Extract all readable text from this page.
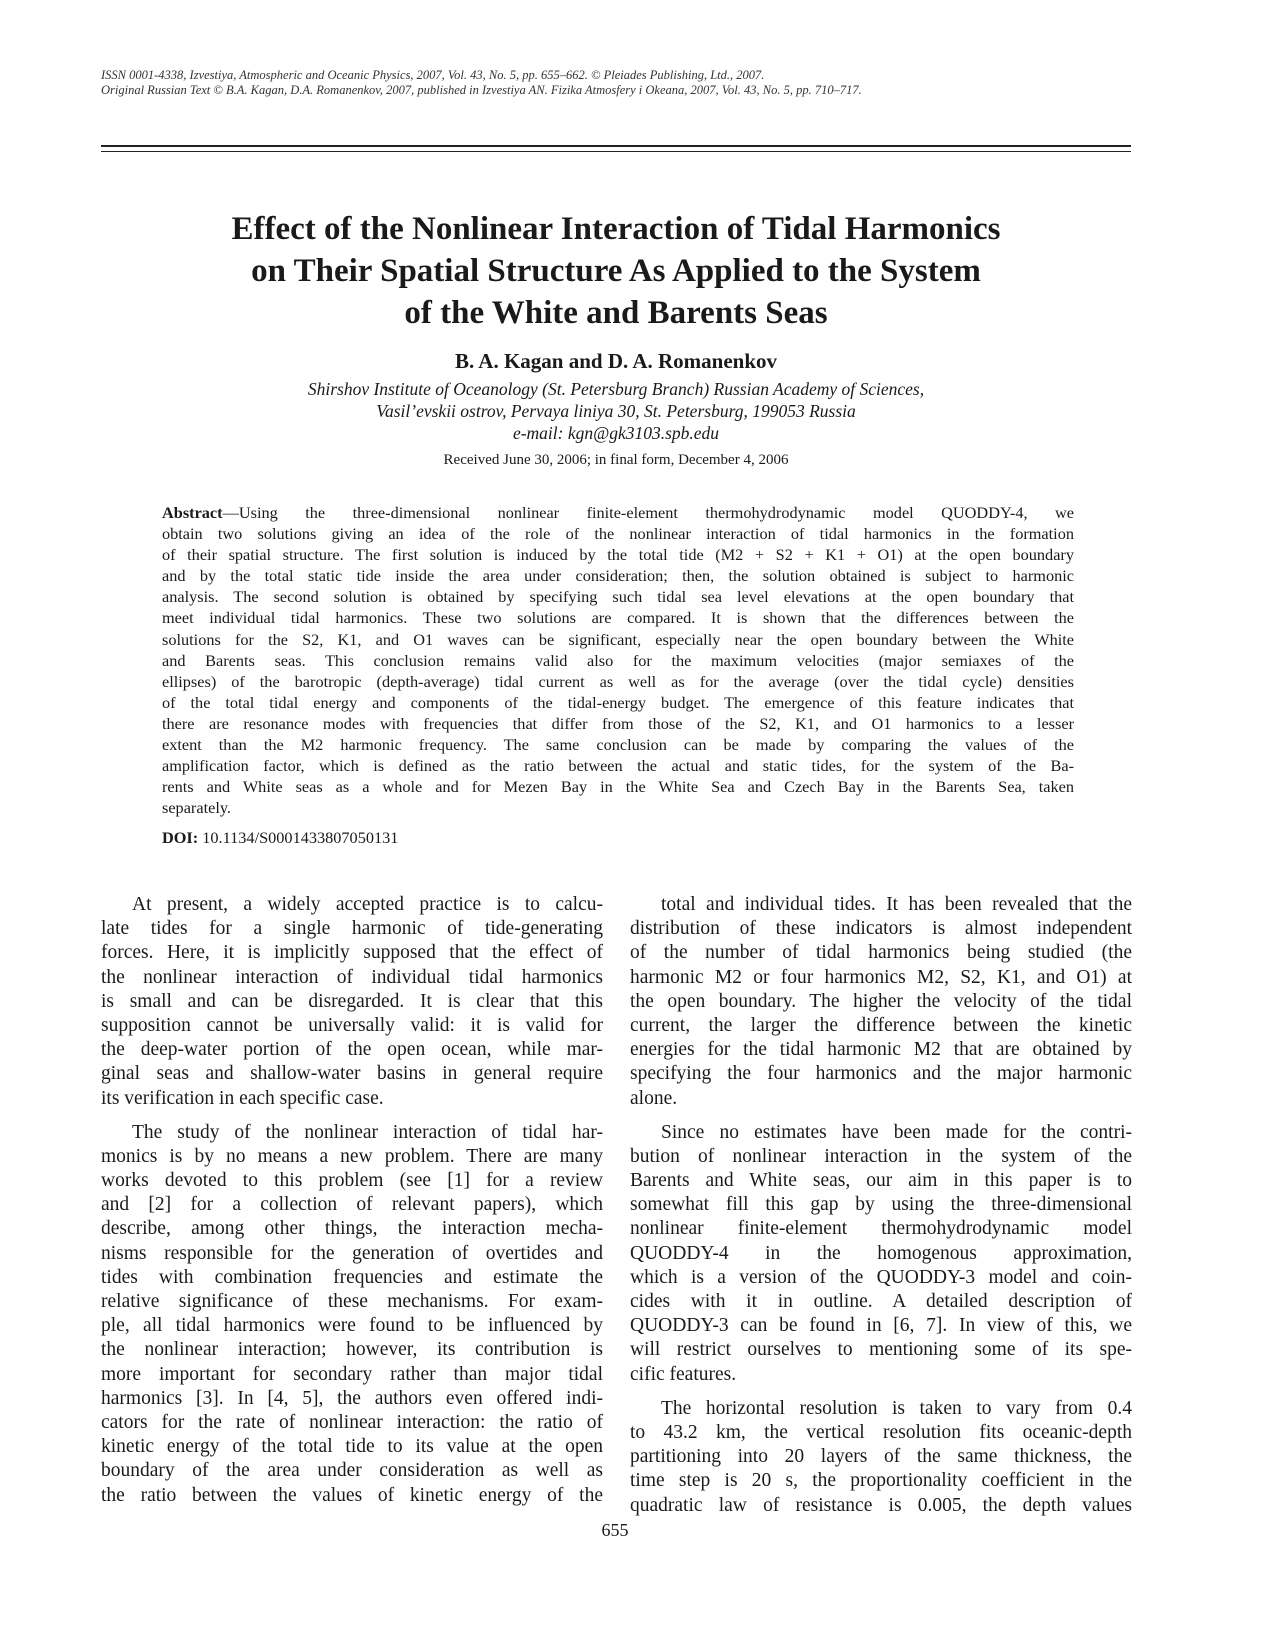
ISSN 0001-4338, Izvestiya, Atmospheric and Oceanic Physics, 2007, Vol. 43, No. 5, pp. 655–662. © Pleiades Publishing, Ltd., 2007.
Original Russian Text © B.A. Kagan, D.A. Romanenkov, 2007, published in Izvestiya AN. Fizika Atmosfery i Okeana, 2007, Vol. 43, No. 5, pp. 710–717.
Effect of the Nonlinear Interaction of Tidal Harmonics
on Their Spatial Structure As Applied to the System
of the White and Barents Seas
B. A. Kagan and D. A. Romanenkov
Shirshov Institute of Oceanology (St. Petersburg Branch) Russian Academy of Sciences,
Vasil’evskii ostrov, Pervaya liniya 30, St. Petersburg, 199053 Russia
e-mail: kgn@gk3103.spb.edu
Received June 30, 2006; in final form, December 4, 2006
Abstract—Using the three-dimensional nonlinear finite-element thermohydrodynamic model QUODDY-4, we
obtain two solutions giving an idea of the role of the nonlinear interaction of tidal harmonics in the formation
of their spatial structure. The first solution is induced by the total tide (M2 + S2 + K1 + O1) at the open boundary
and by the total static tide inside the area under consideration; then, the solution obtained is subject to harmonic
analysis. The second solution is obtained by specifying such tidal sea level elevations at the open boundary that
meet individual tidal harmonics. These two solutions are compared. It is shown that the differences between the
solutions for the S2, K1, and O1 waves can be significant, especially near the open boundary between the White
and Barents seas. This conclusion remains valid also for the maximum velocities (major semiaxes of the
ellipses) of the barotropic (depth-average) tidal current as well as for the average (over the tidal cycle) densities
of the total tidal energy and components of the tidal-energy budget. The emergence of this feature indicates that
there are resonance modes with frequencies that differ from those of the S2, K1, and O1 harmonics to a lesser
extent than the M2 harmonic frequency. The same conclusion can be made by comparing the values of the
amplification factor, which is defined as the ratio between the actual and static tides, for the system of the Ba-
rents and White seas as a whole and for Mezen Bay in the White Sea and Czech Bay in the Barents Sea, taken
separately.
DOI: 10.1134/S0001433807050131
At present, a widely accepted practice is to calcu-
late tides for a single harmonic of tide-generating
forces. Here, it is implicitly supposed that the effect of
the nonlinear interaction of individual tidal harmonics
is small and can be disregarded. It is clear that this
supposition cannot be universally valid: it is valid for
the deep-water portion of the open ocean, while mar-
ginal seas and shallow-water basins in general require
its verification in each specific case.
The study of the nonlinear interaction of tidal har-
monics is by no means a new problem. There are many
works devoted to this problem (see [1] for a review
and [2] for a collection of relevant papers), which
describe, among other things, the interaction mecha-
nisms responsible for the generation of overtides and
tides with combination frequencies and estimate the
relative significance of these mechanisms. For exam-
ple, all tidal harmonics were found to be influenced by
the nonlinear interaction; however, its contribution is
more important for secondary rather than major tidal
harmonics [3]. In [4, 5], the authors even offered indi-
cators for the rate of nonlinear interaction: the ratio of
kinetic energy of the total tide to its value at the open
boundary of the area under consideration as well as
the ratio between the values of kinetic energy of the
total and individual tides. It has been revealed that the
distribution of these indicators is almost independent
of the number of tidal harmonics being studied (the
harmonic M2 or four harmonics M2, S2, K1, and O1) at
the open boundary. The higher the velocity of the tidal
current, the larger the difference between the kinetic
energies for the tidal harmonic M2 that are obtained by
specifying the four harmonics and the major harmonic
alone.
Since no estimates have been made for the contri-
bution of nonlinear interaction in the system of the
Barents and White seas, our aim in this paper is to
somewhat fill this gap by using the three-dimensional
nonlinear finite-element thermohydrodynamic model
QUODDY-4 in the homogenous approximation,
which is a version of the QUODDY-3 model and coin-
cides with it in outline. A detailed description of
QUODDY-3 can be found in [6, 7]. In view of this, we
will restrict ourselves to mentioning some of its spe-
cific features.
The horizontal resolution is taken to vary from 0.4
to 43.2 km, the vertical resolution fits oceanic-depth
partitioning into 20 layers of the same thickness, the
time step is 20 s, the proportionality coefficient in the
quadratic law of resistance is 0.005, the depth values
655
